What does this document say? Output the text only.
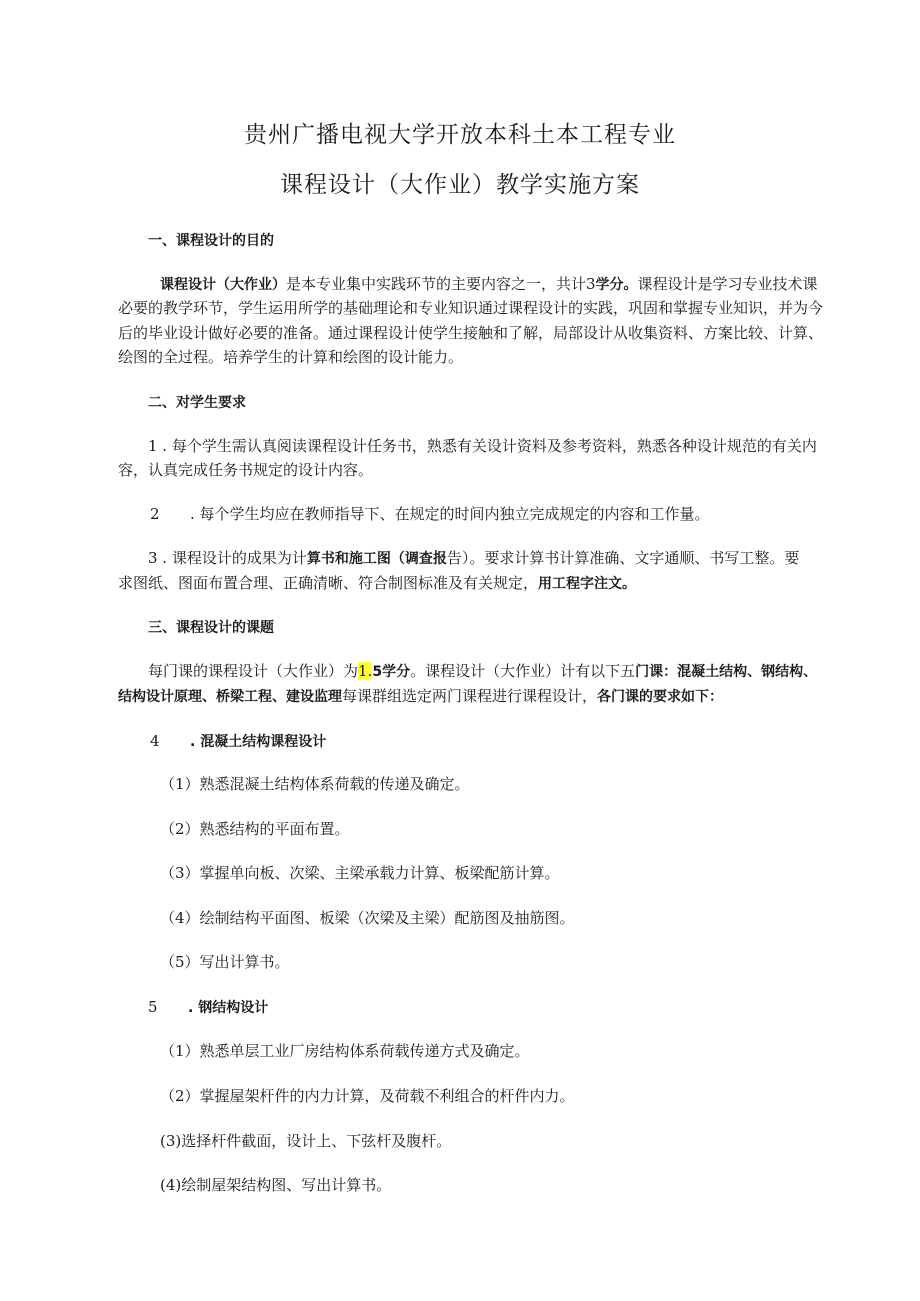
贵州广播电视大学开放本科土本工程专业
课程设计（大作业）教学实施方案
一、课程设计的目的
课程设计（大作业）是本专业集中实践环节的主要内容之一，共计3学分。课程设计是学习专业技术课
必要的教学环节，学生运用所学的基础理论和专业知识通过课程设计的实践，巩固和掌握专业知识，并为今
后的毕业设计做好必要的准备。通过课程设计使学生接触和了解，局部设计从收集资料、方案比较、计算、
绘图的全过程。培养学生的计算和绘图的设计能力。
二、对学生要求
1 . 每个学生需认真阅读课程设计任务书，熟悉有关设计资料及参考资料，熟悉各种设计规范的有关内
容，认真完成任务书规定的设计内容。
2 . 每个学生均应在教师指导下、在规定的时间内独立完成规定的内容和工作量。
3 . 课程设计的成果为计算书和施工图（调查报告）。要求计算书计算准确、文字通顺、书写工整。要
求图纸、图面布置合理、正确清晰、符合制图标准及有关规定，用工程字注文。
三、课程设计的课题
每门课的课程设计（大作业）为1.5学分。课程设计（大作业）计有以下五门课：混凝土结构、钢结构、
结构设计原理、桥梁工程、建设监理每课群组选定两门课程进行课程设计，各门课的要求如下：
4 . 混凝土结构课程设计
（1）熟悉混凝土结构体系荷载的传递及确定。
（2）熟悉结构的平面布置。
（3）掌握单向板、次梁、主梁承载力计算、板梁配筋计算。
（4）绘制结构平面图、板梁（次梁及主梁）配筋图及抽筋图。
（5）写出计算书。
5 . 钢结构设计
（1）熟悉单层工业厂房结构体系荷载传递方式及确定。
（2）掌握屋架杆件的内力计算，及荷载不利组合的杆件内力。
(3)选择杆件截面，设计上、下弦杆及腹杆。
(4)绘制屋架结构图、写出计算书。
